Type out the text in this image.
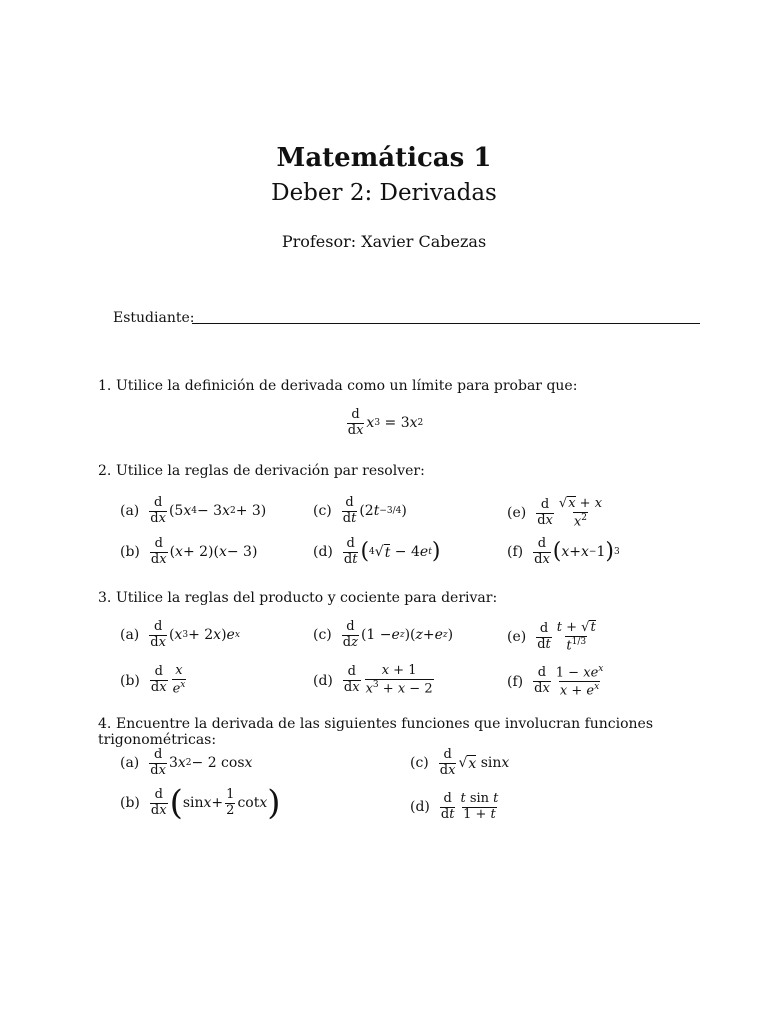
Matemáticas 1
Deber 2: Derivadas
Profesor: Xavier Cabezas
Estudiante:
1. Utilice la definición de derivada como un límite para probar que:
$\frac{d}{dx}$ x 3 = 3 x 2
2. Utilice la reglas de derivación par resolver:
$(a) \frac{d}{dx} (5$ x 4 − 3 x 2 + 3)
$(b) \frac{d}{dx}$ ( x + 2)( x − 3)
$(c) \frac{d}{dt} (2$ t −3/4 )
$(d) \frac{d}{dt}$ ( 4 √ t − 4 e t )
$(e) \frac{d}{dx} \frac{√x + x}{x^2}$
$(f) \frac{d}{dx}$ ( x + x − 1 ) 3
3. Utilice la reglas del producto y cociente para derivar:
$(a) \frac{d}{dx}$ ( x 3 + 2 x ) e x
$(b) \frac{d}{dx} \frac{x}{e^x}$
$(c) \frac{d}{dz} (1 - e$ z )( z + e z )
$(d) \frac{d}{dx} \frac{x + 1}{x^3 + x - 2}$
$(e) \frac{d}{dt} \frac{t + √t}{t^{1/3}}$
$(f) \frac{d}{dx} \frac{1 - xe^x}{x + e^x}$
4. Encuentre la derivada de las siguientes funciones que involucran funciones trigonométricas:
$(a) \frac{d}{dx} 3$ x 2 − 2 cos x
$(b) \frac{d}{dx}$ ( $\sin x + \frac{1}{2}$ cot x )
$(c) \frac{d}{dx}$ √ x sin x
$(d) \frac{d}{dt} \frac{\text{t sin t}}{1 + t}$
